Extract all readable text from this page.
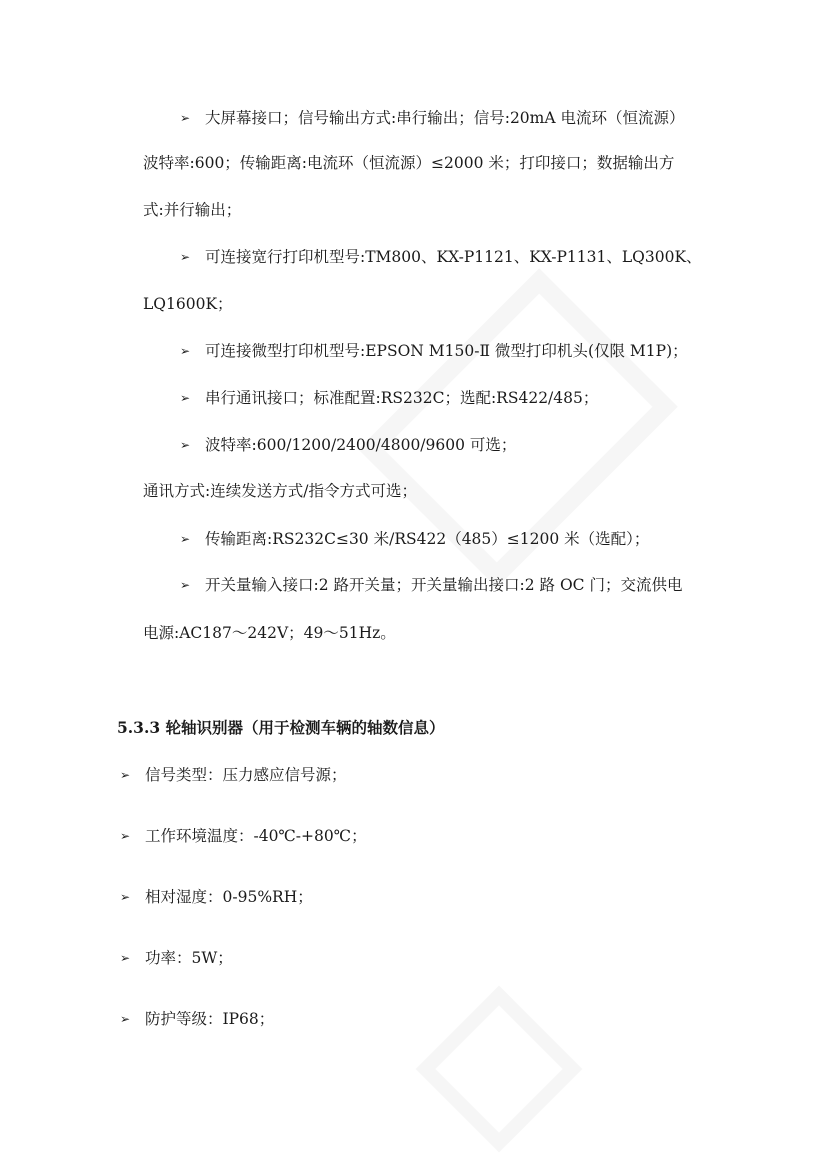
➢ 大屏幕接口；信号输出方式:串行输出；信号:20mA 电流环（恒流源）
波特率:600；传输距离:电流环（恒流源）≤2000 米；打印接口；数据输出方
式:并行输出；
➢ 可连接宽行打印机型号:TM800、KX-P1121、KX-P1131、LQ300K、
LQ1600K；
➢ 可连接微型打印机型号:EPSON M150-Ⅱ 微型打印机头(仅限 M1P)；
➢ 串行通讯接口；标准配置:RS232C；选配:RS422/485；
➢ 波特率:600/1200/2400/4800/9600 可选；
通讯方式:连续发送方式/指令方式可选；
➢ 传输距离:RS232C≤30 米/RS422（485）≤1200 米（选配）；
➢ 开关量输入接口:2 路开关量；开关量输出接口:2 路 OC 门；交流供电
电源:AC187～242V；49～51Hz。
5.3.3 轮轴识别器（用于检测车辆的轴数信息）
➢ 信号类型：压力感应信号源；
➢ 工作环境温度：-40℃-+80℃；
➢ 相对湿度：0-95%RH；
➢ 功率：5W；
➢ 防护等级：IP68；
